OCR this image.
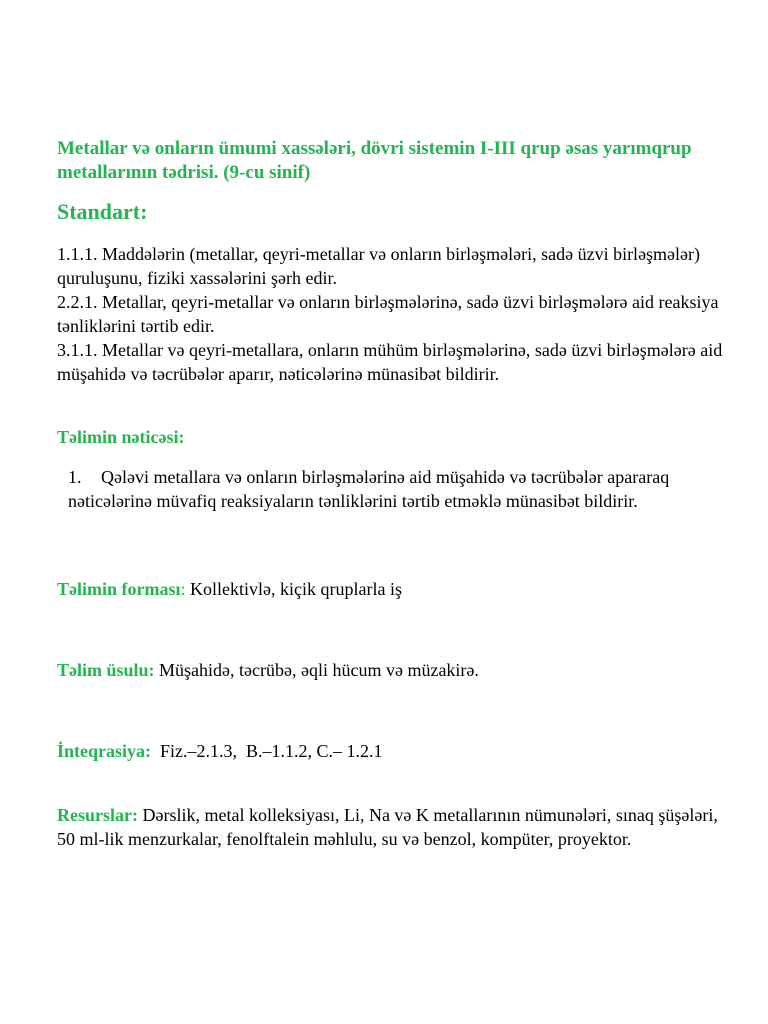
Metallar və onların ümumi xassələri, dövri sistemin I-III qrup əsas yarımqrup metallarının tədrisi. (9-cu sinif)
Standart:

1.1.1. Maddələrin (metallar, qeyri-metallar və onların birləşmələri, sadə üzvi birləşmələr) quruluşunu, fiziki xassələrini şərh edir.

2.2.1. Metallar, qeyri-metallar və onların birləşmələrinə, sadə üzvi birləşmələrə aid reaksiya tənliklərini tərtib edir.

3.1.1. Metallar və qeyri-metallara, onların mühüm birləşmələrinə, sadə üzvi birləşmələrə aid müşahidə və təcrübələr aparır, nəticələrinə münasibət bildirir.

Təlimin nəticəsi:
1. Qələvi metallara və onların birləşmələrinə aid müşahidə və təcrübələr apararaq nəticələrinə müvafiq reaksiyaların tənliklərini tərtib etməklə münasibət bildirir.
Təlimin forması: Kollektivlə, kiçik qruplarla iş
Təlim üsulu: Müşahidə, təcrübə, əqli hücum və müzakirə.
İnteqrasiya:  Fiz.–2.1.3,  B.–1.1.2, C.– 1.2.1
Resurslar: Dərslik, metal kolleksiyası, Li, Na və K metallarının nümunələri, sınaq şüşələri, 50 ml-lik menzurkalar, fenolftalein məhlulu, su və benzol, kompüter, proyektor.
